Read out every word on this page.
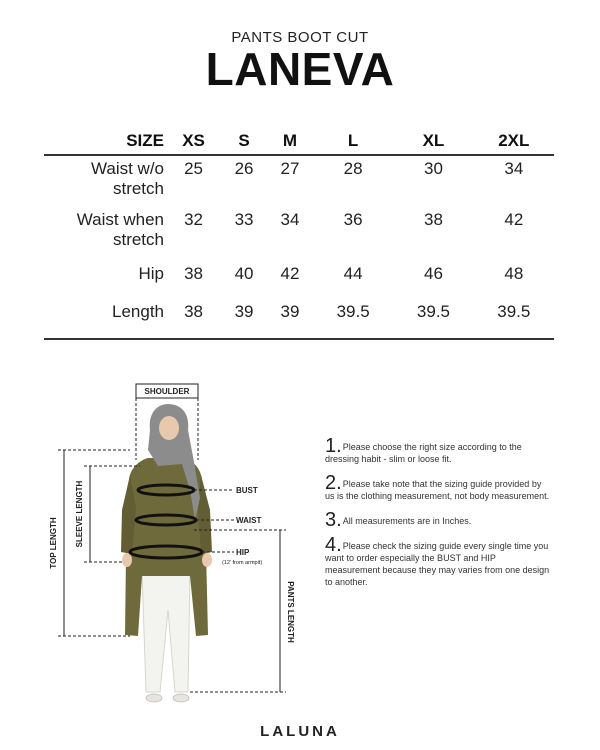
PANTS BOOT CUT
LANEVA
SIZE	XS	S	M	L	XL	2XL
Waist w/o
stretch	25	26	27	28	30	34
Waist when
stretch	32	33	34	36	38	42
Hip	38	40	42	44	46	48
Length	38	39	39	39.5	39.5	39.5
SHOULDER
TOP LENGTH SLEEVE LENGTH	BUST
WAIST
HIP
(12' from armpit)
PANTS LENGTH
1.Please choose the right size according to the dressing habit - slim or loose fit.
2.Please take note that the sizing guide provided by us is the clothing measurement, not body measurement.
3.All measurements are in Inches.
4.Please check the sizing guide every single time you want to order especially the BUST and HIP measurement because they may varies from one design to another.
LALUNA
